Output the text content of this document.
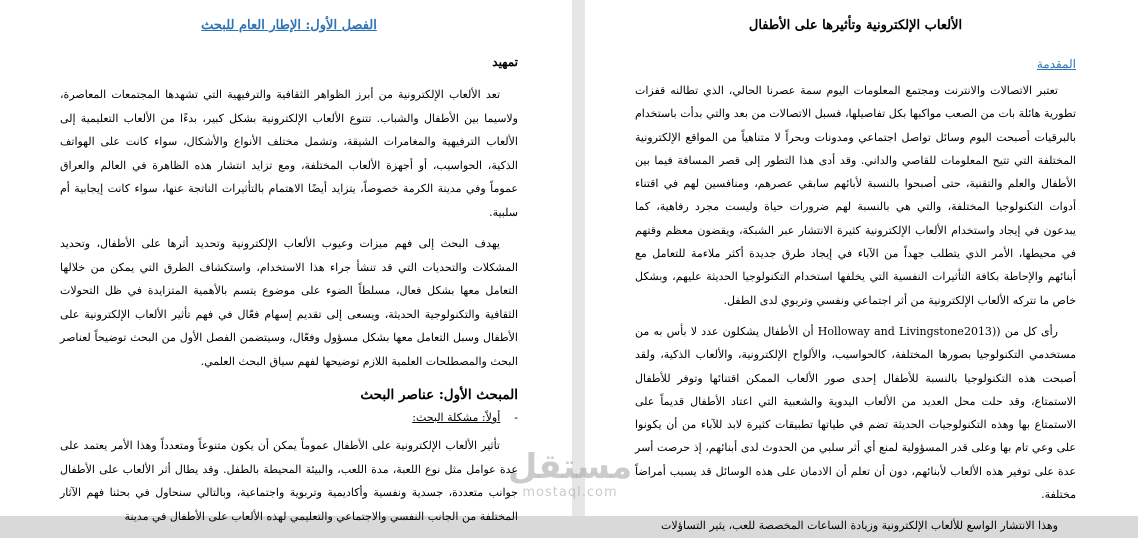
الفصل الأول: الإطار العام للبحث
تمهيد

تعد الألعاب الإلكترونية من أبرز الظواهر الثقافية والترفيهية التي تشهدها المجتمعات المعاصرة، ولاسيما بين الأطفال والشباب. تتنوع الألعاب الإلكترونية بشكل كبير، بدءًا من الألعاب التعليمية إلى الألعاب الترفيهية والمغامرات الشيقة، وتشمل مختلف الأنواع والأشكال، سواء كانت على الهواتف الذكية، الحواسيب، أو أجهزة الألعاب المختلفة، ومع تزايد انتشار هذه الظاهرة في العالم والعراق عموماً وفي مدينة الكرمة خصوصاً، يتزايد أيضًا الاهتمام بالتأثيرات الناتجة عنها، سواء كانت إيجابية أم سلبية.

يهدف البحث إلى فهم ميزات وعيوب الألعاب الإلكترونية وتحديد أثرها على الأطفال، وتحديد المشكلات والتحديات التي قد تنشأ جراء هذا الاستخدام، واستكشاف الطرق التي يمكن من خلالها التعامل معها بشكل فعال، مسلطاً الضوء على موضوع يتسم بالأهمية المتزايدة في ظل التحولات الثقافية والتكنولوجية الحديثة، ويسعى إلى تقديم إسهام فعّال في فهم تأثير الألعاب الإلكترونية على الأطفال وسبل التعامل معها بشكل مسؤول وفعّال، وسيتضمن الفصل الأول من البحث توضيحاً لعناصر البحث والمصطلحات العلمية اللازم توضيحها لفهم سياق البحث العلمي.

المبحث الأول: عناصر البحث
-أولاً: مشكلة البحث:

تأثير الألعاب الإلكترونية على الأطفال عموماً يمكن أن يكون متنوعاً ومتعدداً وهذا الأمر يعتمد على عدة عوامل مثل نوع اللعبة، مدة اللعب، والبيئة المحيطة بالطفل. وقد يطال أثر الألعاب على الأطفال جوانب متعددة، جسدية ونفسية وأكاديمية وتربوية واجتماعية، وبالتالي سنحاول في بحثنا فهم الآثار المختلفة من الجانب النفسي والاجتماعي والتعليمي لهذه الألعاب على الأطفال في مدينة

الألعاب الإلكترونية وتأثيرها على الأطفال
المقدمة

تعتبر الاتصالات والانترنت ومجتمع المعلومات اليوم سمة عصرنا الحالي، الذي تطالنه قفزات تطورية هائلة بات من الصعب مواكبها بكل تفاصيلها، فسبل الاتصالات من بعد والتي بدأت باستخدام بالبرقيات أصبحت اليوم وسائل تواصل اجتماعي ومدونات وبحراً لا متناهياً من المواقع الإلكترونية المختلفة التي تتيح المعلومات للقاصي والداني. وقد أدى هذا التطور إلى قصر المسافة فيما بين الأطفال والعلم والتقنية، حتى أصبحوا بالنسبة لأبائهم سابقي عصرهم، ومنافسين لهم في اقتناء أدوات التكنولوجيا المختلفة، والتي هي بالنسبة لهم ضرورات حياة وليست مجرد رفاهية، كما يبدعون في إيجاد واستخدام الألعاب الإلكترونية كثيرة الانتشار عبر الشبكة، ويقضون معظم وقتهم في محيطها، الأمر الذي يتطلب جهداً من الآباء في إيجاد طرق جديدة أكثر ملاءمة للتعامل مع أبنائهم والإحاطة بكافة التأثيرات النفسية التي يخلفها استخدام التكنولوجيا الحديثة عليهم، وبشكل خاص ما تتركه الألعاب الإلكترونية من أثر اجتماعي ونفسي وتربوي لدى الطفل.

رأى كل من ((Holloway and Livingstone2013 أن الأطفال يشكلون عدد لا بأس به من مستخدمي التكنولوجيا بصورها المختلفة، كالحواسيب، والألواح الإلكترونية، والألعاب الذكية، ولقد أصبحت هذه التكنولوجيا بالنسبة للأطفال إحدى صور الألعاب الممكن اقتنائها وتوفر للأطفال الاستمتاع، وقد حلت محل العديد من الألعاب اليدوية والشعبية التي اعتاد الأطفال قديماً على الاستمتاع بها وهذه التكنولوجيات الحديثة تضم في طياتها تطبيقات كثيرة لابد للآباء من أن يكونوا على وعي تام بها وعلى قدر المسؤولية لمنع أي أثر سلبي من الحدوث لدى أبنائهم، إذ حرصت أسر عدة على توفير هذه الألعاب لأبنائهم، دون أن تعلم أن الادمان على هذه الوسائل قد يسبب أمراضاً مختلفة.

وهذا الانتشار الواسع للألعاب الإلكترونية وزيادة الساعات المخصصة للعب، يثير التساؤلات

مستقل
mostaql.com
